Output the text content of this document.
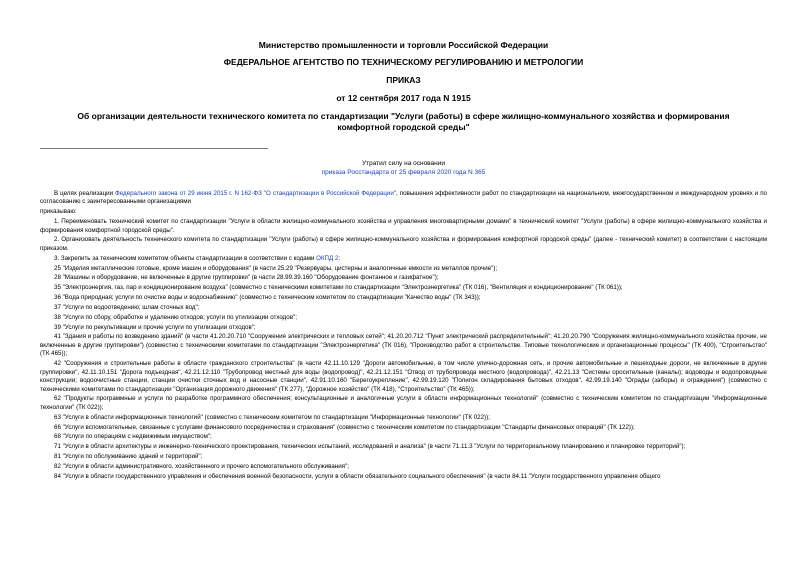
Министерство промышленности и торговли Российской Федерации
ФЕДЕРАЛЬНОЕ АГЕНТСТВО ПО ТЕХНИЧЕСКОМУ РЕГУЛИРОВАНИЮ И МЕТРОЛОГИИ
ПРИКАЗ
от 12 сентября 2017 года N 1915
Об организации деятельности технического комитета по стандартизации "Услуги (работы) в сфере жилищно-коммунального хозяйства и формирования
комфортной городской среды"
Утратил силу на основании
приказа Росстандарта от 25 февраля 2020 года N 365

В целях реализации Федерального закона от 29 июня 2015 г. N 162-ФЗ "О стандартизации в Российской Федерации", повышения эффективности работ по стандартизации на национальном, межгосударственном и международном уровнях и по согласованию с заинтересованными организациями

приказываю:

1. Переименовать технический комитет по стандартизации "Услуги в области жилищно-коммунального хозяйства и управления многоквартирными домами" в технический комитет "Услуги (работы) в сфере жилищно-коммунального хозяйства и формирования комфортной городской среды".

2. Организовать деятельность технического комитета по стандартизации "Услуги (работы) в сфере жилищно-коммунального хозяйства и формирования комфортной городской среды" (далее - технический комитет) в соответствии с настоящим приказом.

3. Закрепить за техническим комитетом объекты стандартизации в соответствии с кодами ОКПД 2:

25 "Изделия металлические готовые, кроме машин и оборудования" (в части 25.29 "Резервуары, цистерны и аналогичные емкости из металлов прочие");

28 "Машины и оборудование, не включенные в другие группировки" (в части 28.99.39.160 "Оборудование фонтанное и газифатное");

35 "Электроэнергия, газ, пар и кондиционирование воздуха" (совместно с техническими комитетами по стандартизации "Электроэнергетика" (ТК 016), "Вентиляция и кондиционирование" (ТК 061));

36 "Вода природная; услуги по очистке воды и водоснабжению" (совместно с техническим комитетом по стандартизации "Качество воды" (ТК 343));

37 "Услуги по водоотведению; шлам сточных вод";

38 "Услуги по сбору, обработке и удалению отходов; услуги по утилизации отходов";

39 "Услуги по рекультивации и прочие услуги по утилизации отходов";

41 "Здания и работы по возведению зданий" (в части 41.20.20.710 "Сооружения электрических и тепловых сетей"; 41.20.20.712 "Пункт электрический распределительный"; 41.20.20.790 "Сооружения жилищно-коммунального хозяйства прочие, не включенные в другие группировки") (совместно с техническими комитетами по стандартизации "Электроэнергетика" (ТК 016), "Производство работ в строительстве. Типовые технологические и организационные процессы" (ТК 400), "Строительство" (ТК 465));

42 "Сооружения и строительные работы в области гражданского строительства" (в части 42.11.10.129 "Дороги автомобильные, в том числе улично-дорожная сеть, и прочие автомобильные и пешеходные дороги, не включенные в другие группировки", 42.11.10.151 "Дорога подъездная", 42.21.12.110 "Трубопровод местный для воды (водопровод)", 42.21.12.151 "Отвод от трубопровода местного (водопровода)", 42.21.13 "Системы оросительные (каналы); водоводы и водопроводные конструкции; водоочистные станции, станции очистки сточных вод и насосные станции", 42.91.10.160 "Берегоукрепление", 42.99.19.120 "Полигон складирования бытовых отходов", 42.99.19.140 "Ограды (заборы) и ограждения") (совместно с техническими комитетами по стандартизации "Организация дорожного движения" (ТК 277), "Дорожное хозяйство" (ТК 418), "Строительство" (ТК 465));

62 "Продукты программные и услуги по разработке программного обеспечения; консультационные и аналогичные услуги в области информационных технологий" (совместно с техническим комитетом по стандартизации "Информационные технологии" (ТК 022));

63 "Услуги в области информационных технологий" (совместно с техническим комитетом по стандартизации "Информационные технологии" (ТК 022));

66 "Услуги вспомогательные, связанные с услугами финансового посредничества и страхования" (совместно с техническим комитетом по стандартизации "Стандарты финансовых операций" (ТК 122));

68 "Услуги по операциям с недвижимым имуществом";

71 "Услуги в области архитектуры и инженерно-технического проектирования, технических испытаний, исследований и анализа" (в части 71.11.3 "Услуги по территориальному планированию и планировке территорий");

81 "Услуги по обслуживанию зданий и территорий";

82 "Услуги в области административного, хозяйственного и прочего вспомогательного обслуживания";

84 "Услуги в области государственного управления и обеспечения военной безопасности, услуги в области обязательного социального обеспечения" (в части 84.11 "Услуги государственного управления общего
